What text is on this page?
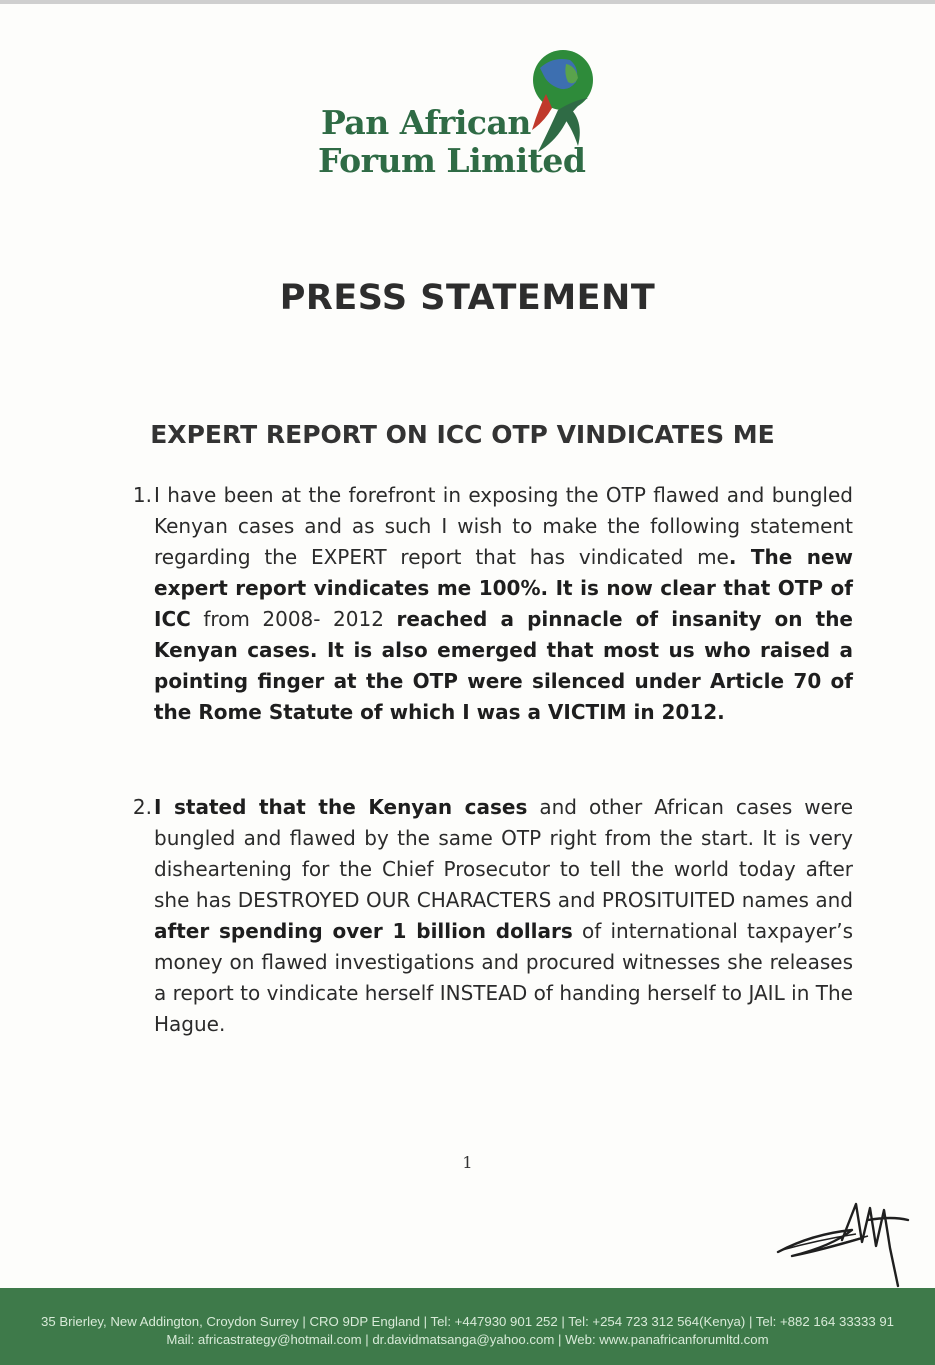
Pan African
Forum Limited
PRESS STATEMENT
EXPERT REPORT ON ICC OTP VINDICATES ME
1. I have been at the forefront in exposing the OTP flawed and bungled Kenyan cases and as such I wish to make the following statement regarding the EXPERT report that has vindicated me. The new expert report vindicates me 100%. It is now clear that OTP of ICC from 2008- 2012 reached a pinnacle of insanity on the Kenyan cases. It is also emerged that most us who raised a pointing finger at the OTP were silenced under Article 70 of the Rome Statute of which I was a VICTIM in 2012.
2. I stated that the Kenyan cases and other African cases were bungled and flawed by the same OTP right from the start. It is very disheartening for the Chief Prosecutor to tell the world today after she has DESTROYED OUR CHARACTERS and PROSITUITED names and after spending over 1 billion dollars of international taxpayer’s money on flawed investigations and procured witnesses she releases a report to vindicate herself INSTEAD of handing herself to JAIL in The Hague.
1
35 Brierley, New Addington, Croydon Surrey | CRO 9DP England | Tel: +447930 901 252 | Tel: +254 723 312 564(Kenya) | Tel: +882 164 33333 91
Mail: africastrategy@hotmail.com | dr.davidmatsanga@yahoo.com | Web: www.panafricanforumltd.com
